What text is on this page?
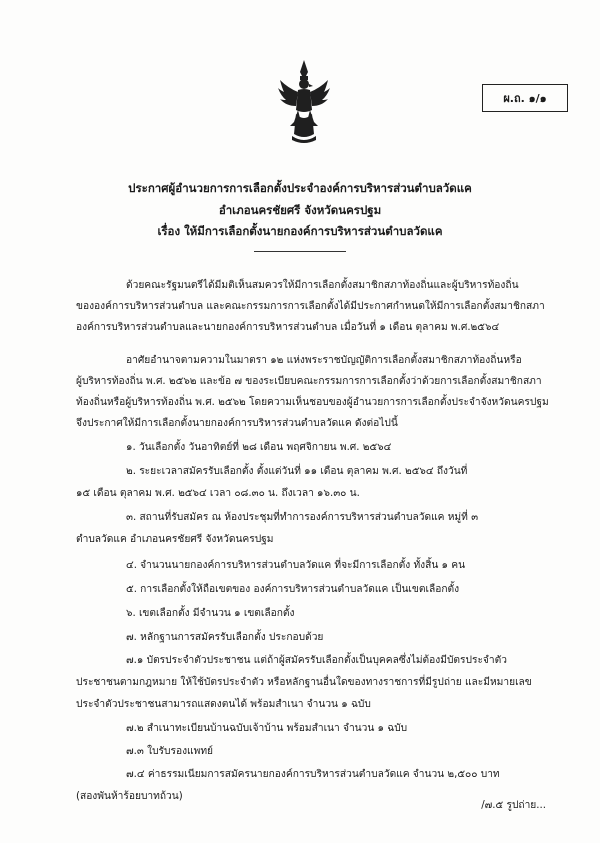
ผ.ถ. ๑/๑
ประกาศผู้อำนวยการการเลือกตั้งประจำองค์การบริหารส่วนตำบลวัดแค
อำเภอนครชัยศรี จังหวัดนครปฐม
เรื่อง ให้มีการเลือกตั้งนายกองค์การบริหารส่วนตำบลวัดแค
ด้วยคณะรัฐมนตรีได้มีมติเห็นสมควรให้มีการเลือกตั้งสมาชิกสภาท้องถิ่นและผู้บริหารท้องถิ่น
ขององค์การบริหารส่วนตำบล และคณะกรรมการการเลือกตั้งได้มีประกาศกำหนดให้มีการเลือกตั้งสมาชิกสภา
องค์การบริหารส่วนตำบลและนายกองค์การบริหารส่วนตำบล เมื่อวันที่ ๑ เดือน ตุลาคม พ.ศ.๒๕๖๔
อาศัยอำนาจตามความในมาตรา ๑๒ แห่งพระราชบัญญัติการเลือกตั้งสมาชิกสภาท้องถิ่นหรือ
ผู้บริหารท้องถิ่น พ.ศ. ๒๕๖๒ และข้อ ๗ ของระเบียบคณะกรรมการการเลือกตั้งว่าด้วยการเลือกตั้งสมาชิกสภา
ท้องถิ่นหรือผู้บริหารท้องถิ่น พ.ศ. ๒๕๖๒ โดยความเห็นชอบของผู้อำนวยการการเลือกตั้งประจำจังหวัดนครปฐม
จึงประกาศให้มีการเลือกตั้งนายกองค์การบริหารส่วนตำบลวัดแค ดังต่อไปนี้
๑. วันเลือกตั้ง วันอาทิตย์ที่ ๒๘ เดือน พฤศจิกายน พ.ศ. ๒๕๖๔
๒. ระยะเวลาสมัครรับเลือกตั้ง ตั้งแต่วันที่ ๑๑ เดือน ตุลาคม พ.ศ. ๒๕๖๔ ถึงวันที่
๑๕ เดือน ตุลาคม พ.ศ. ๒๕๖๔ เวลา ๐๘.๓๐ น. ถึงเวลา ๑๖.๓๐ น.
๓. สถานที่รับสมัคร ณ ห้องประชุมที่ทำการองค์การบริหารส่วนตำบลวัดแค หมู่ที่ ๓
ตำบลวัดแค อำเภอนครชัยศรี จังหวัดนครปฐม
๔. จำนวนนายกองค์การบริหารส่วนตำบลวัดแค ที่จะมีการเลือกตั้ง ทั้งสิ้น ๑ คน
๕. การเลือกตั้งให้ถือเขตของ องค์การบริหารส่วนตำบลวัดแค เป็นเขตเลือกตั้ง
๖. เขตเลือกตั้ง มีจำนวน ๑ เขตเลือกตั้ง
๗. หลักฐานการสมัครรับเลือกตั้ง ประกอบด้วย
๗.๑ บัตรประจำตัวประชาชน แต่ถ้าผู้สมัครรับเลือกตั้งเป็นบุคคลซึ่งไม่ต้องมีบัตรประจำตัว
ประชาชนตามกฎหมาย ให้ใช้บัตรประจำตัว หรือหลักฐานอื่นใดของทางราชการที่มีรูปถ่าย และมีหมายเลข
ประจำตัวประชาชนสามารถแสดงตนได้ พร้อมสำเนา จำนวน ๑ ฉบับ
๗.๒ สำเนาทะเบียนบ้านฉบับเจ้าบ้าน พร้อมสำเนา จำนวน ๑ ฉบับ
๗.๓ ใบรับรองแพทย์
๗.๔ ค่าธรรมเนียมการสมัครนายกองค์การบริหารส่วนตำบลวัดแค จำนวน ๒,๕๐๐ บาท
(สองพันห้าร้อยบาทถ้วน)
/๗.๕ รูปถ่าย...
